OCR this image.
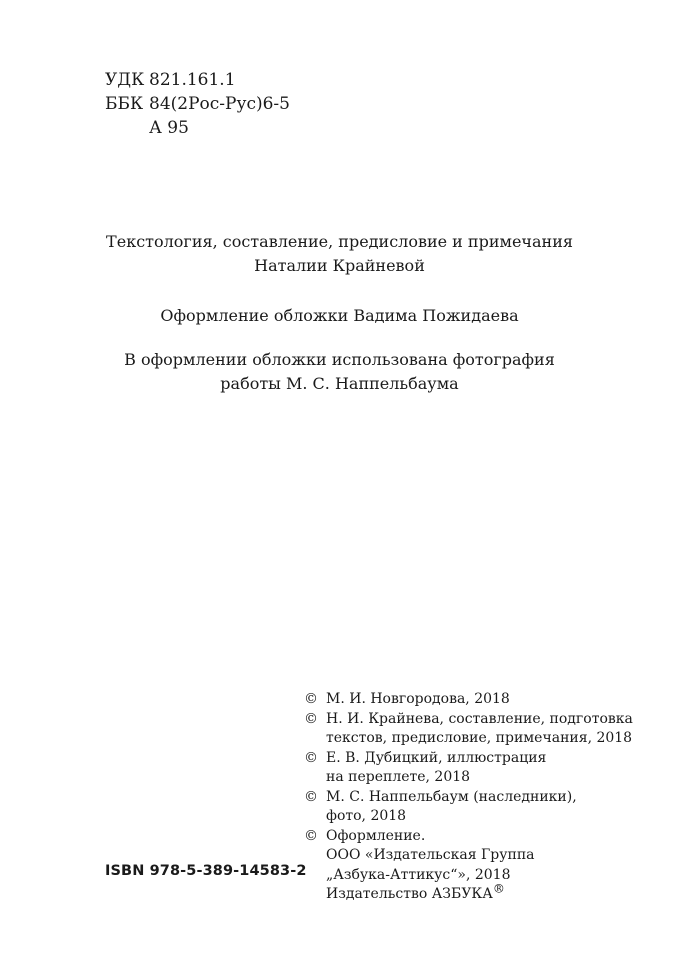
УДК 821.161.1
ББК 84(2Рос-Рус)6-5
А 95
Текстология, составление, предисловие и примечания
Наталии Крайневой
Оформление обложки Вадима Пожидаева
В оформлении обложки использована фотография
работы М. С. Наппельбаума
© М. И. Новгородова, 2018
© Н. И. Крайнева, составление, подготовка
текстов, предисловие, примечания, 2018
© Е. В. Дубицкий, иллюстрация
на переплете, 2018
© М. С. Наппельбаум (наследники),
фото, 2018
© Оформление.
ООО «Издательская Группа
„Азбука-Аттикус“», 2018
Издательство АЗБУКА®
ISBN 978-5-389-14583-2
